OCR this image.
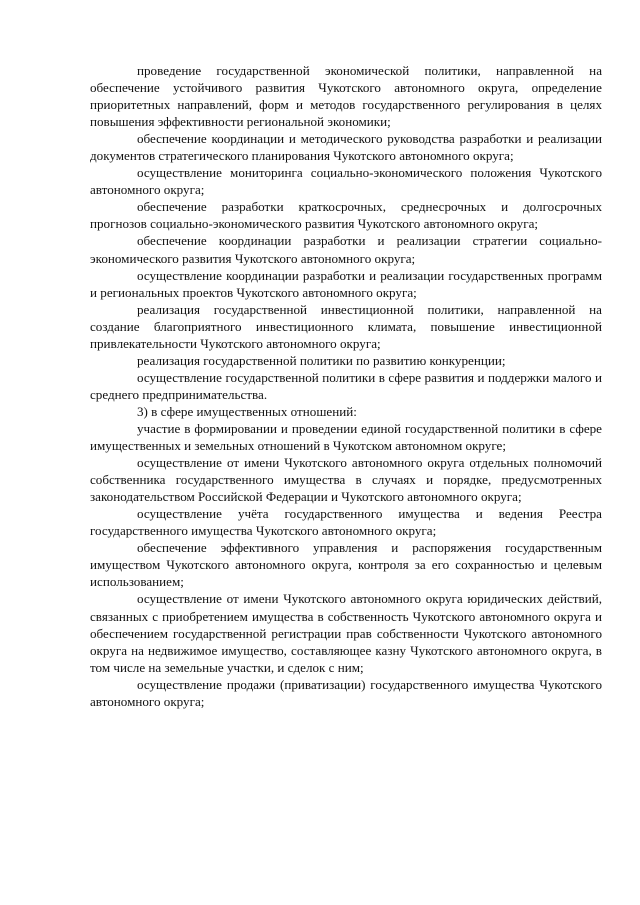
проведение государственной экономической политики, направленной на обеспечение устойчивого развития Чукотского автономного округа, определение приоритетных направлений, форм и методов государственного регулирования в целях повышения эффективности региональной экономики;

обеспечение координации и методического руководства разработки и реализации документов стратегического планирования Чукотского автономного округа;

осуществление мониторинга социально-экономического положения Чукотского автономного округа;

обеспечение разработки краткосрочных, среднесрочных и долгосрочных прогнозов социально-экономического развития Чукотского автономного округа;

обеспечение координации разработки и реализации стратегии социально-экономического развития Чукотского автономного округа;

осуществление координации разработки и реализации государственных программ и региональных проектов Чукотского автономного округа;

реализация государственной инвестиционной политики, направленной на создание благоприятного инвестиционного климата, повышение инвестиционной привлекательности Чукотского автономного округа;

реализация государственной политики по развитию конкуренции;

осуществление государственной политики в сфере развития и поддержки малого и среднего предпринимательства.

3) в сфере имущественных отношений:

участие в формировании и проведении единой государственной политики в сфере имущественных и земельных отношений в Чукотском автономном округе;

осуществление от имени Чукотского автономного округа отдельных полномочий собственника государственного имущества в случаях и порядке, предусмотренных законодательством Российской Федерации и Чукотского автономного округа;

осуществление учёта государственного имущества и ведения Реестра государственного имущества Чукотского автономного округа;

обеспечение эффективного управления и распоряжения государственным имуществом Чукотского автономного округа, контроля за его сохранностью и целевым использованием;

осуществление от имени Чукотского автономного округа юридических действий, связанных с приобретением имущества в собственность Чукотского автономного округа и обеспечением государственной регистрации прав собственности Чукотского автономного округа на недвижимое имущество, составляющее казну Чукотского автономного округа, в том числе на земельные участки, и сделок с ним;

осуществление продажи (приватизации) государственного имущества Чукотского автономного округа;
